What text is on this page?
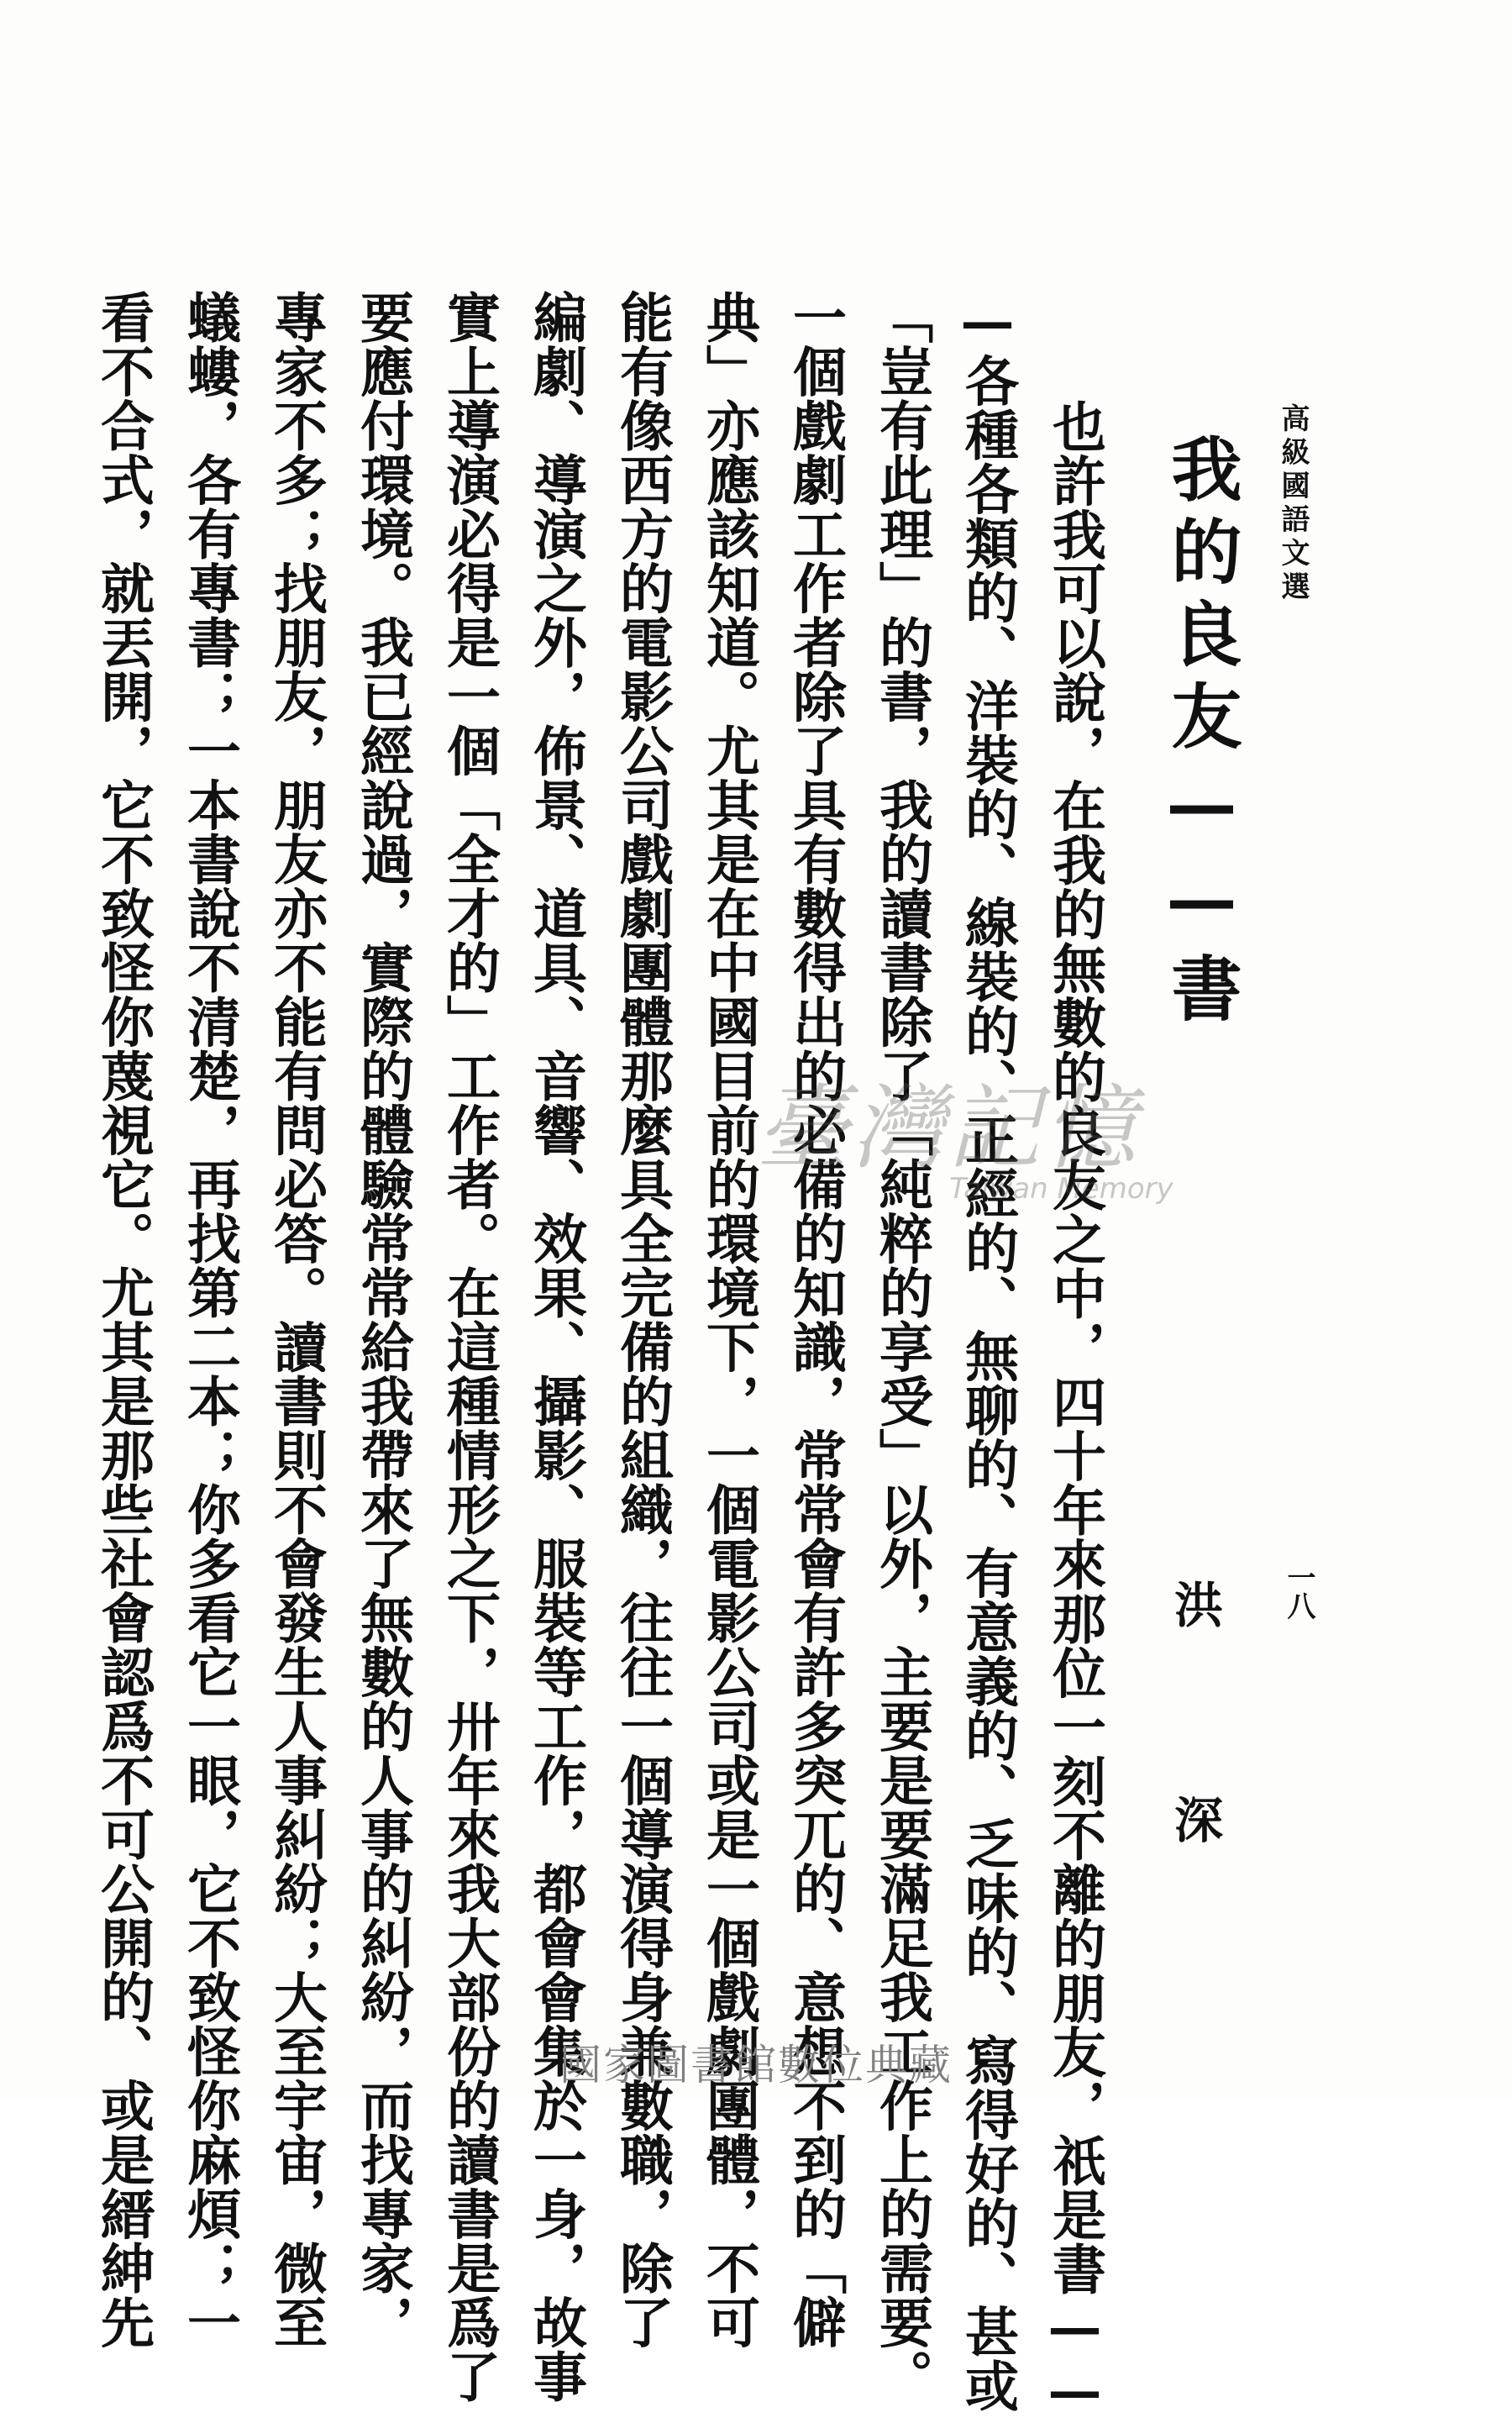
高級國語文選
一八
我的良友——書
洪　深
也許我可以說，在我的無數的良友之中，四十年來那位一刻不離的朋友，祇是書——
—各種各類的、洋裝的、線裝的、正經的、無聊的、有意義的、乏味的、寫得好的、甚或
「豈有此理」的書，我的讀書除了「純粹的享受」以外，主要是要滿足我工作上的需要。
一個戲劇工作者除了具有數得出的必備的知識，常常會有許多突兀的、意想不到的「僻
典」亦應該知道。尤其是在中國目前的環境下，一個電影公司或是一個戲劇團體，不可
能有像西方的電影公司戲劇團體那麼具全完備的組織，往往一個導演得身兼數職，除了
編劇、導演之外，佈景、道具、音響、效果、攝影、服裝等工作，都會會集於一身，故事
實上導演必得是一個「全才的」工作者。在這種情形之下，卅年來我大部份的讀書是爲了
要應付環境。我已經說過，實際的體驗常常給我帶來了無數的人事的糾紛，而找專家，
專家不多；找朋友，朋友亦不能有問必答。讀書則不會發生人事糾紛；大至宇宙，微至
蟻螻，各有專書；一本書說不清楚，再找第二本；你多看它一眼，它不致怪你麻煩；一
看不合式，就丟開，它不致怪你蔑視它。尤其是那些社會認爲不可公開的、或是縉紳先	臺灣記憶
Taiwan Memory
國家圖書館數位典藏
